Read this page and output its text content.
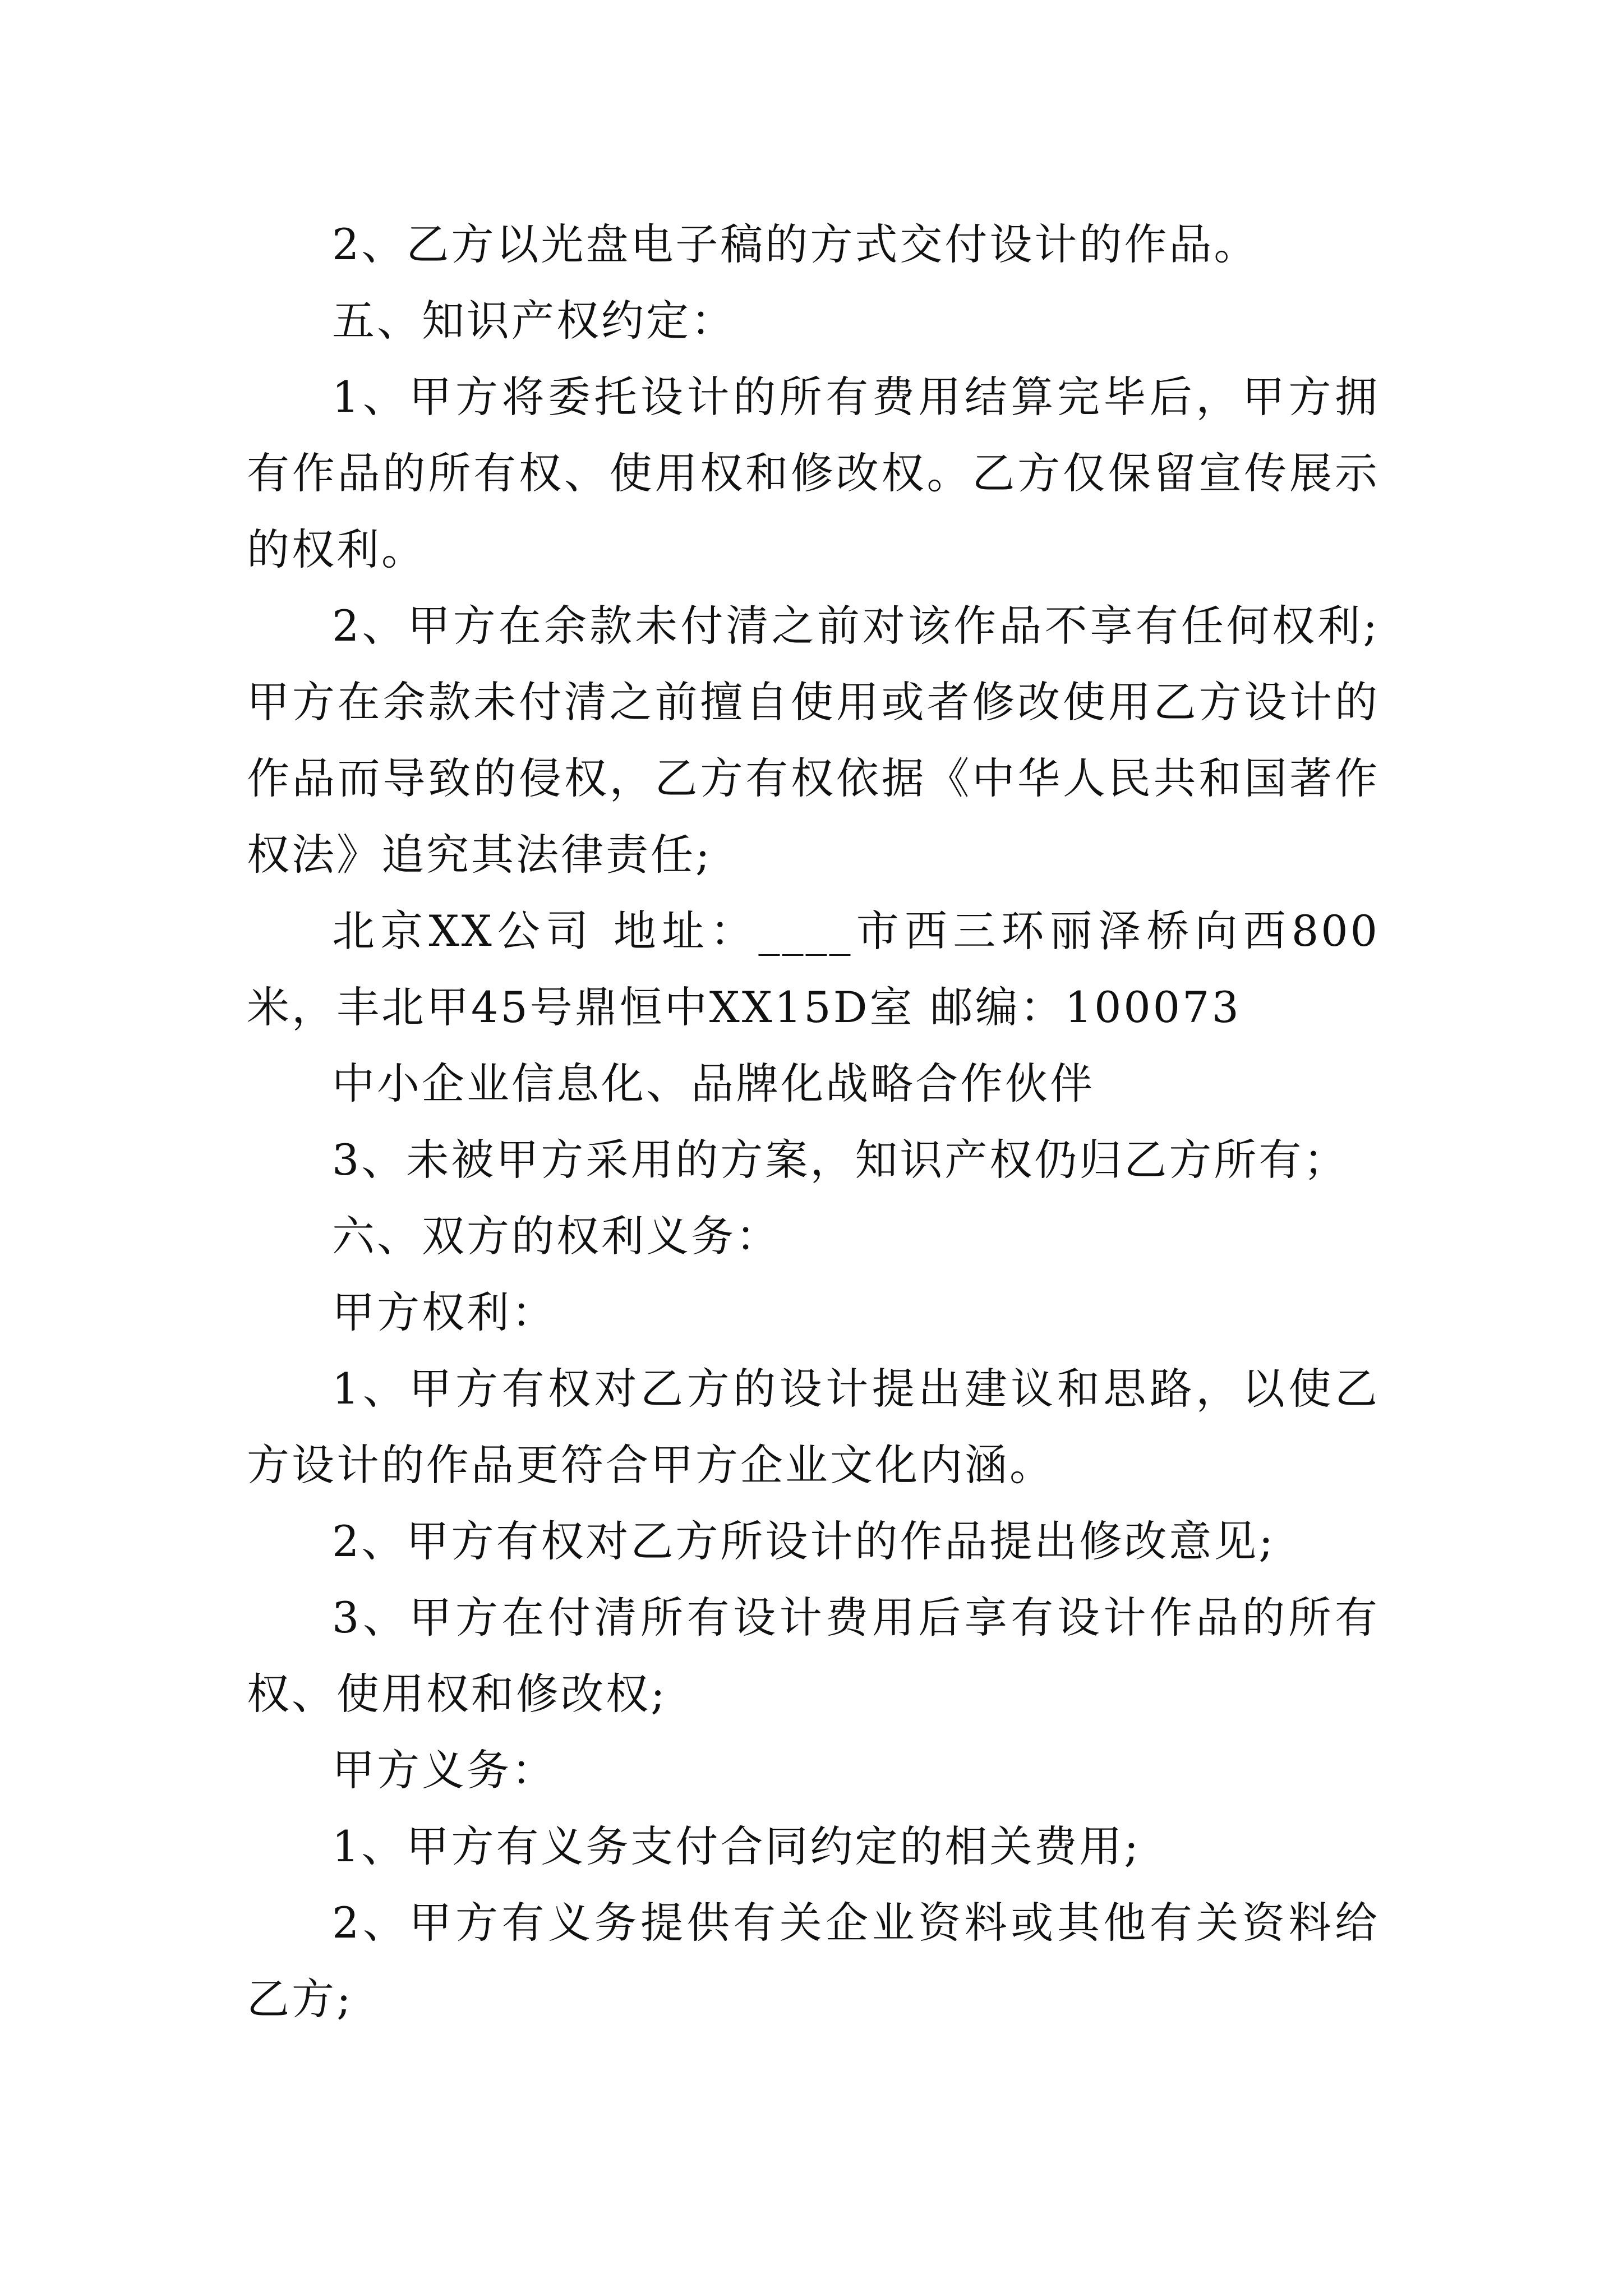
2、乙方以光盘电子稿的方式交付设计的作品。

五、知识产权约定：

1、甲方将委托设计的所有费用结算完毕后，甲方拥有作品的所有权、使用权和修改权。乙方仅保留宣传展示的权利。

2、甲方在余款未付清之前对该作品不享有任何权利;甲方在余款未付清之前擅自使用或者修改使用乙方设计的作品而导致的侵权，乙方有权依据《中华人民共和国著作权法》追究其法律责任;

北京XX公司 地址：____市西三环丽泽桥向西800米，丰北甲45号鼎恒中XX15D室 邮编：100073

中小企业信息化、品牌化战略合作伙伴

3、未被甲方采用的方案，知识产权仍归乙方所有；

六、双方的权利义务：

甲方权利：

1、甲方有权对乙方的设计提出建议和思路，以使乙方设计的作品更符合甲方企业文化内涵。

2、甲方有权对乙方所设计的作品提出修改意见;

3、甲方在付清所有设计费用后享有设计作品的所有权、使用权和修改权;

甲方义务：

1、甲方有义务支付合同约定的相关费用;

2、甲方有义务提供有关企业资料或其他有关资料给乙方;
